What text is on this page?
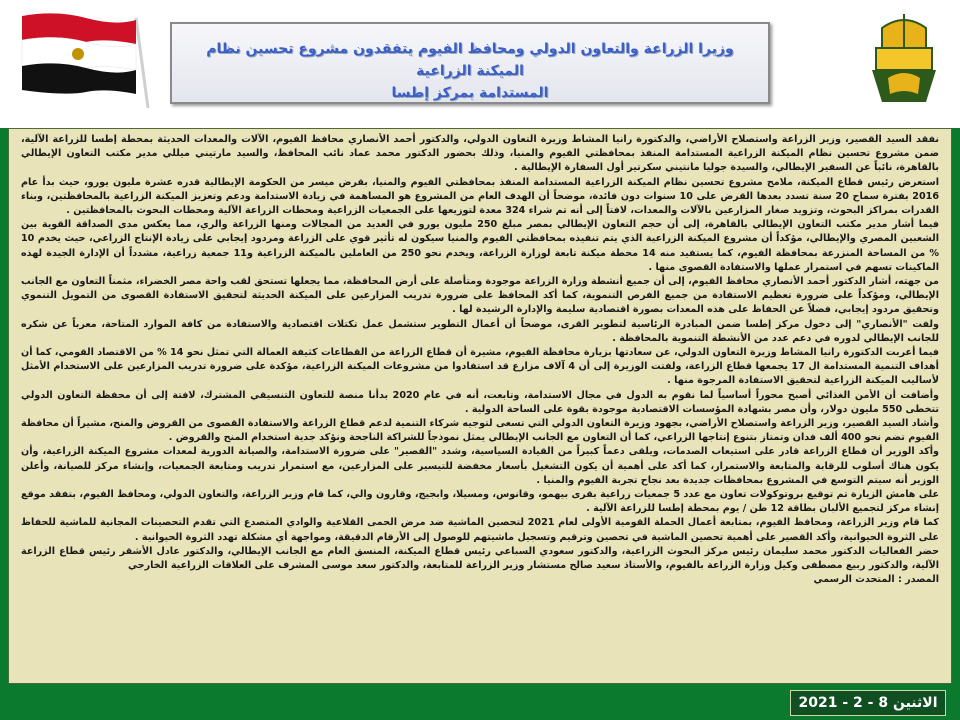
وزيرا الزراعة والتعاون الدولي ومحافظ الفيوم يتفقدون مشروع تحسين نظام الميكنة الزراعية
المستدامة بمركز إطسا

نفقد السيد القصير، وزير الزراعة واستصلاح الأراضي، والدكتورة رانيا المشاط وزيرة التعاون الدولي، والدكتور أحمد الأنصاري محافظ الفيوم، الآلات والمعدات الحديثة بمحطة إطسا للزراعة الآلية، ضمن مشروع تحسين نظام الميكنة الزراعية المستدامة المنفذ بمحافظتي الفيوم والمنيا، وذلك بحضور الدكتور محمد عماد نائب المحافظ، والسيد مارتيني ميللي مدير مكتب التعاون الإيطالي بالقاهرة، نائباً عن السفير الإيطالي، والسيدة جوليا مانتيني سكرتير أول السفارة الإيطالية .

استعرض رئيس قطاع الميكنة، ملامح مشروع تحسين نظام الميكنة الزراعية المستدامة المنفذ بمحافظتي الفيوم والمنيا، بقرض ميسر من الحكومة الإيطالية قدره عشرة مليون يورو، حيث بدأ عام 2016 بفترة سماح 20 سنة تسدد بعدها القرض على 10 سنوات دون فائدة، موضحاً أن الهدف العام من المشروع هو المساهمة في زيادة الاستدامة ودعم وتعزيز الميكنة الزراعية بالمحافظتين، وبناء القدرات بمراكز البحوث، وتزويد صغار المزارعين بالآلات والمعدات، لافتاً إلى أنه تم شراء 324 معدة لتوزيعها على الجمعيات الزراعية ومحطات الزراعة الآلية ومحطات البحوث بالمحافظتين .

فيما أشار مدير مكتب التعاون الإيطالي بالقاهرة، إلى أن حجم التعاون الإيطالي بمصر مبلغ 250 مليون يورو في العديد من المجالات ومنها الزراعة والري، مما يعكس مدى الصداقة القوية بين الشعبين المصري والإيطالي، مؤكداً أن مشروع الميكنة الزراعية الذي يتم تنفيذه بمحافظتي الفيوم والمنيا سيكون له تأثير قوي على الزراعة ومردود إيجابي على زيادة الإنتاج الزراعي، حيث يخدم 10 % من المساحة المنزرعة بمحافظة الفيوم، كما يستفيد منه 14 محطة ميكنة تابعة لوزارة الزراعة، ويخدم نحو 250 من العاملين بالميكنة الزراعية و11 جمعية زراعية، مشدداً أن الإدارة الجيدة لهذه الماكينات تسهم في استمرار عملها والاستفادة القصوى منها .

من جهته، أشار الدكتور أحمد الأنصاري محافظ الفيوم، إلى أن جميع أنشطة وزارة الزراعة موجودة ومتأصلة على أرض المحافظة، مما يجعلها تستحق لقب واحة مصر الخضراء، مثمناً التعاون مع الجانب الإيطالي، ومؤكداً على ضرورة تعظيم الاستفادة من جميع الفرص التنموية، كما أكد المحافظ على ضرورة تدريب المزارعين على الميكنة الحديثة لتحقيق الاستفادة القصوى من التمويل التنموي وتحقيق مردود إيجابي، فضلاً عن الحفاظ على هذه المعدات بصورة اقتصادية سليمة والإدارة الرشيدة لها .

ولفت "الأنصاري" إلى دخول مركز إطسا ضمن المبادرة الرئاسية لتطوير القرى، موضحاً أن أعمال التطوير ستشمل عمل تكتلات اقتصادية والاستفادة من كافة الموارد المتاحة، معرباً عن شكره للجانب الإيطالي لدوره في دعم عدد من الأنشطة التنموية بالمحافظة .

فيما أعربت الدكتورة رانيا المشاط وزيرة التعاون الدولي، عن سعادتها بزيارة محافظة الفيوم، مشيرة أن قطاع الزراعة من القطاعات كثيفة العمالة التي تمثل نحو 14 % من الاقتصاد القومي، كما أن أهداف التنمية المستدامة ال 17 يجمعها قطاع الزراعة، ولفتت الوزيرة إلى أن 4 آلاف مزارع قد استفادوا من مشروعات الميكنة الزراعية، مؤكدة على ضرورة تدريب المزارعين على الاستخدام الأمثل لأساليب الميكنة الزراعية لتحقيق الاستفادة المرجوة منها .

وأضافت أن الأمن الغذائي أصبح محوراً أساسياً لما نقوم به الدول في مجال الاستدامة، وتابعت، أنه في عام 2020 بدأنا منصة للتعاون التنسيقي المشترك، لافتة إلى أن محفظة التعاون الدولي تتخطى 550 مليون دولار، وأن مصر بشهادة المؤسسات الاقتصادية موجودة بقوة على الساحة الدولية .

وأشاد السيد القصير، وزير الزراعة واستصلاح الأراضي، بجهود وزيرة التعاون الدولي التي تسعى لتوجيه شركاء التنمية لدعم قطاع الزراعة والاستفادة القصوى من القروض والمنح، مشيراً أن محافظة الفيوم تضم نحو 400 ألف فدان وتمتاز بتنوع إنتاجها الزراعي، كما أن التعاون مع الجانب الإيطالي يمثل نموذجاً للشراكة الناجحة ونؤكد جدية استخدام المنح والقروض .

وأكد الوزير أن قطاع الزراعة قادر على استيعاب الصدمات، ويلقى دعماً كبيراً من القيادة السياسية، وشدد "القصير" على ضرورة الاستدامة، والصيانة الدورية لمعدات مشروع الميكنة الزراعية، وأن يكون هناك أسلوب للرقابة والمتابعة والاستمرار، كما أكد على أهمية أن يكون التشغيل بأسعار مخفضة للتيسير على المزارعين، مع استمرار تدريب ومتابعة الجمعيات، وإنشاء مركز للصيانة، وأعلن الوزير أنه سيتم التوسع في المشروع بمحافظات جديدة بعد نجاح تجربة الفيوم والمنيا .

على هامش الزيارة تم توقيع بروتوكولات تعاون مع عدد 5 جمعيات زراعية بقرى بيهمو، وقانوس، ومسيلا، وابجيج، وقارون والي، كما قام وزير الزراعة، والتعاون الدولي، ومحافظ الفيوم، بتفقد موقع إنشاء مركز لتجميع الألبان بطاقة 12 طن / يوم بمحطة إطسا للزراعة الآلية .

كما قام وزير الزراعة، ومحافظ الفيوم، بمتابعة أعمال الحملة القومية الأولى لعام 2021 لتحصين الماشية ضد مرض الحمى القلاعية والوادي المتصدع التي تقدم التحصينات المجانية للماشية للحفاظ على الثروة الحيوانية، وأكد القصير على أهمية تحصين الماشية في تحصين وترقيم وتسجيل ماشيتهم للوصول إلى الأرقام الدقيقة، ومواجهة أي مشكلة تهدد الثروة الحيوانية .

حضر الفعاليات الدكتور محمد سليمان رئيس مركز البحوث الزراعية، والدكتور سعودي السباعي رئيس قطاع الميكنة، المنسق العام مع الجانب الإيطالي، والدكتور عادل الأشقر رئيس قطاع الزراعة الآلية، والدكتور ربيع مصطفى وكيل وزارة الزراعة بالفيوم، والأستاذ سعيد صالح مستشار وزير الزراعة للمتابعة، والدكتور سعد موسى المشرف على العلاقات الزراعية الخارجي

المصدر : المتحدث الرسمي

الاثنين 8 - 2 - 2021
